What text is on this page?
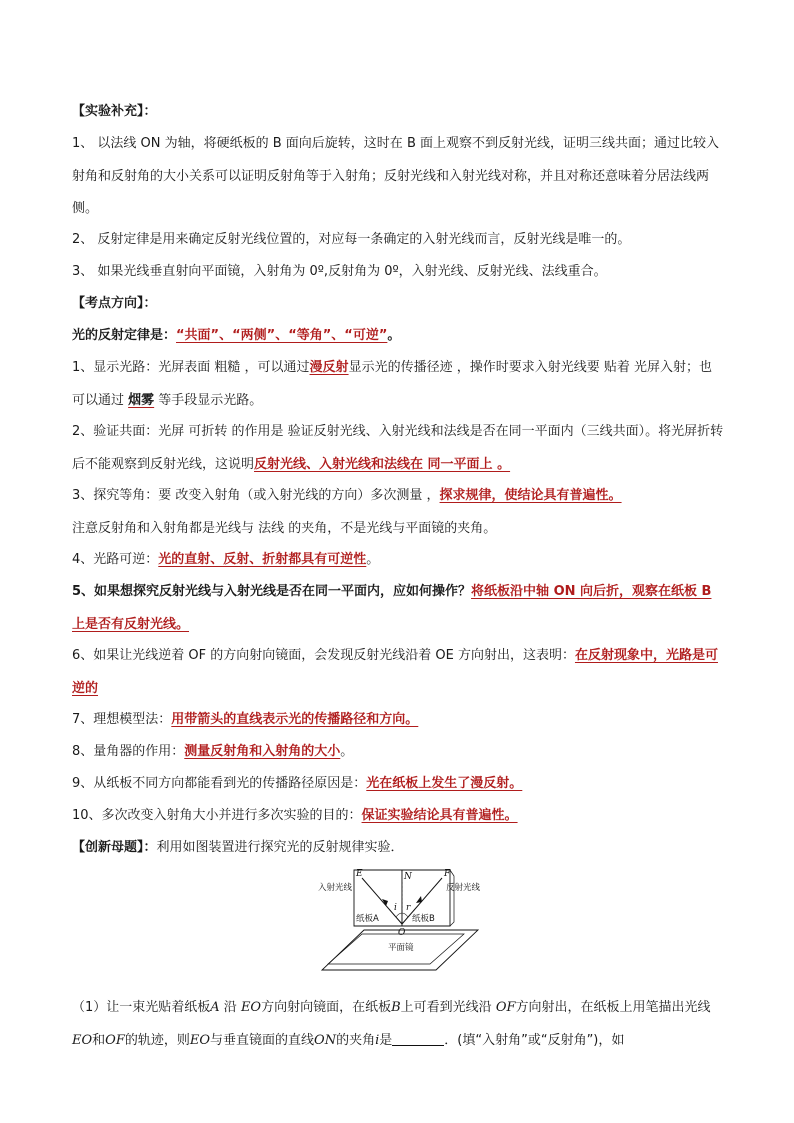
【实验补充】：
1、 以法线 ON 为轴，将硬纸板的 B 面向后旋转，这时在 B 面上观察不到反射光线，证明三线共面；通过比较入射角和反射角的大小关系可以证明反射角等于入射角；反射光线和入射光线对称，并且对称还意味着分居法线两侧。
2、 反射定律是用来确定反射光线位置的，对应每一条确定的入射光线而言，反射光线是唯一的。
3、 如果光线垂直射向平面镜，入射角为 0º,反射角为 0º，入射光线、反射光线、法线重合。
【考点方向】：
光的反射定律是：“共面”、“两侧”、“等角”、“可逆”。
1、显示光路：光屏表面 粗糙 ，可以通过漫反射显示光的传播径迹 ，操作时要求入射光线要 贴着 光屏入射；也可以通过 烟雾 等手段显示光路。
2、验证共面：光屏 可折转 的作用是 验证反射光线、入射光线和法线是否在同一平面内（三线共面）。将光屏折转后不能观察到反射光线，这说明反射光线、入射光线和法线在 同一平面上 。
3、探究等角：要 改变入射角（或入射光线的方向）多次测量 ，探求规律，使结论具有普遍性。
注意反射角和入射角都是光线与 法线 的夹角，不是光线与平面镜的夹角。
4、光路可逆：光的直射、反射、折射都具有可逆性。
5、如果想探究反射光线与入射光线是否在同一平面内，应如何操作？将纸板沿中轴 ON 向后折，观察在纸板 B 上是否有反射光线。
6、如果让光线逆着 OF 的方向射向镜面，会发现反射光线沿着 OE 方向射出，这表明：在反射现象中，光路是可逆的
7、理想模型法：用带箭头的直线表示光的传播路径和方向。
8、量角器的作用：测量反射角和入射角的大小。
9、从纸板不同方向都能看到光的传播路径原因是：光在纸板上发生了漫反射。
10、多次改变入射角大小并进行多次实验的目的：保证实验结论具有普遍性。
【创新母题】：利用如图装置进行探究光的反射规律实验．
E	N	F
O
i r
入射光线	反射光线
纸板A	纸板B
平面镜
（1）让一束光贴着纸板A 沿 EO方向射向镜面，在纸板B上可看到光线沿 OF方向射出，在纸板上用笔描出光线EO和OF的轨迹，则EO与垂直镜面的直线ON的夹角i是	．(填“入射角”或“反射角”)，如
